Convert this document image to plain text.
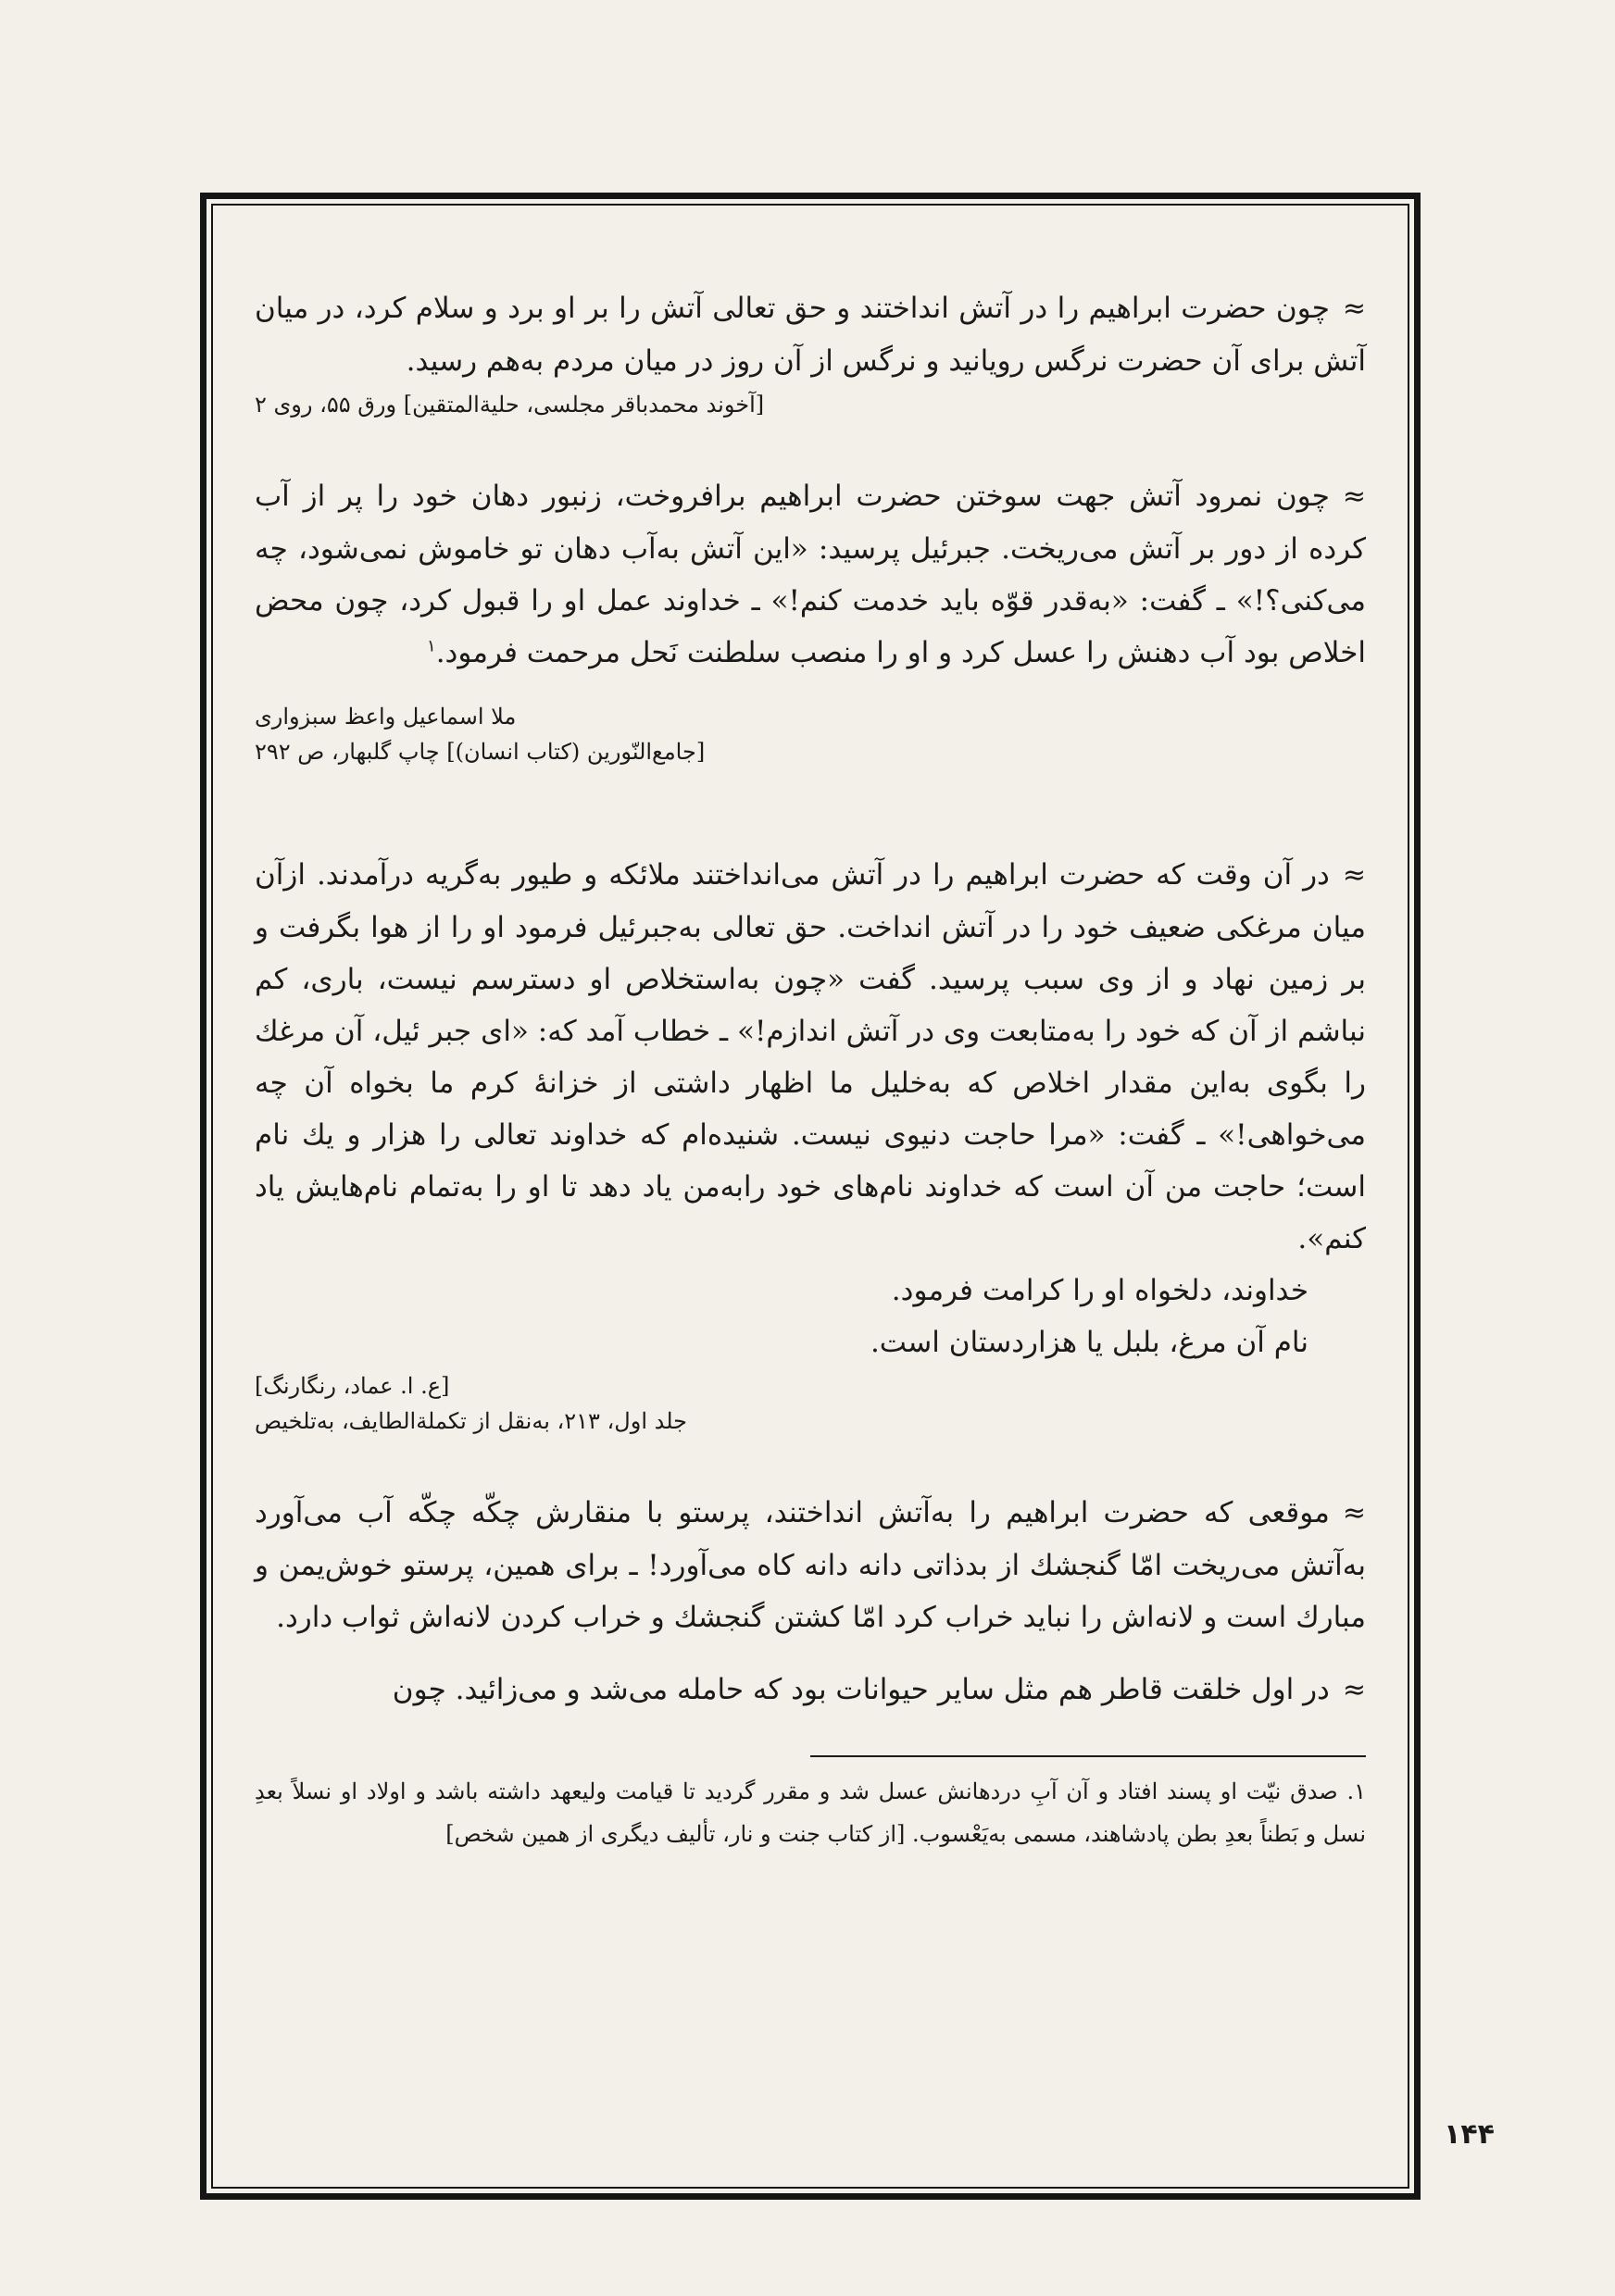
≈چون حضرت ابراهیم را در آتش انداختند و حق تعالی آتش را بر او برد و سلام کرد، در میان آتش برای آن حضرت نرگس رویانید و نرگس از آن روز در میان مردم به‌هم رسید.

[آخوند محمدباقر مجلسی، حلیة‌المتقین] ورق ۵۵، روی ۲

≈چون نمرود آتش جهت سوختن حضرت ابراهیم برافروخت، زنبور دهان خود را پر از آب کرده از دور بر آتش می‌ریخت. جبرئیل پرسید: «این آتش به‌آب دهان تو خاموش نمی‌شود، چه می‌کنی؟!» ـ گفت: «به‌قدر قوّه باید خدمت کنم!» ـ خداوند عمل او را قبول کرد، چون محض اخلاص بود آب دهنش را عسل کرد و او را منصب سلطنت نَحل مرحمت فرمود.$^۱$

ملا اسماعیل واعظ سبزواری

[جامع‌النّورین (کتاب انسان)] چاپ گلبهار، ص ۲۹۲

≈در آن وقت که حضرت ابراهیم را در آتش می‌انداختند ملائکه و طیور به‌گریه درآمدند. ازآن میان مرغکی ضعیف خود را در آتش انداخت. حق تعالی به‌جبرئیل فرمود او را از هوا بگرفت و بر زمین نهاد و از وی سبب پرسید. گفت «چون به‌استخلاص او دسترسم نیست، باری، کم نباشم از آن که خود را به‌متابعت وی در آتش اندازم!» ـ خطاب آمد که: «ای جبر ئیل، آن مرغك را بگوی به‌این مقدار اخلاص که به‌خلیل ما اظهار داشتی از خزانهٔ کرم ما بخواه آن چه می‌خواهی!» ـ گفت: «مرا حاجت دنیوی نیست. شنیده‌ام که خداوند تعالی را هزار و یك نام است؛ حاجت من آن است که خداوند نام‌های خود رابه‌من یاد دهد تا او را به‌تمام نام‌هایش یاد کنم».

خداوند، دلخواه او را کرامت فرمود.

نام آن مرغ، بلبل یا هزاردستان است.

[ع. ا. عماد، رنگارنگ]

جلد اول، ۲۱۳، به‌نقل از تکملة‌الطایف، به‌تلخیص

≈موقعی که حضرت ابراهیم را به‌آتش انداختند، پرستو با منقارش چکّه چکّه آب می‌آورد به‌آتش می‌ریخت امّا گنجشك از بدذاتی دانه دانه کاه می‌آورد! ـ برای همین، پرستو خوش‌یمن و مبارك است و لانه‌اش را نباید خراب کرد امّا کشتن گنجشك و خراب کردن لانه‌اش ثواب دارد.

≈در اول خلقت قاطر هم مثل سایر حیوانات بود که حامله می‌شد و می‌زائید. چون

۱. صدق نیّت او پسند افتاد و آن آبِ دردهانش عسل شد و مقرر گردید تا قیامت ولیعهد داشته باشد و اولاد او نسلاً بعدِ نسل و بَطناً بعدِ بطن پادشاهند، مسمی به‌یَعْسوب. [از کتاب جنت و نار، تألیف دیگری از همین شخص]

۱۴۴
